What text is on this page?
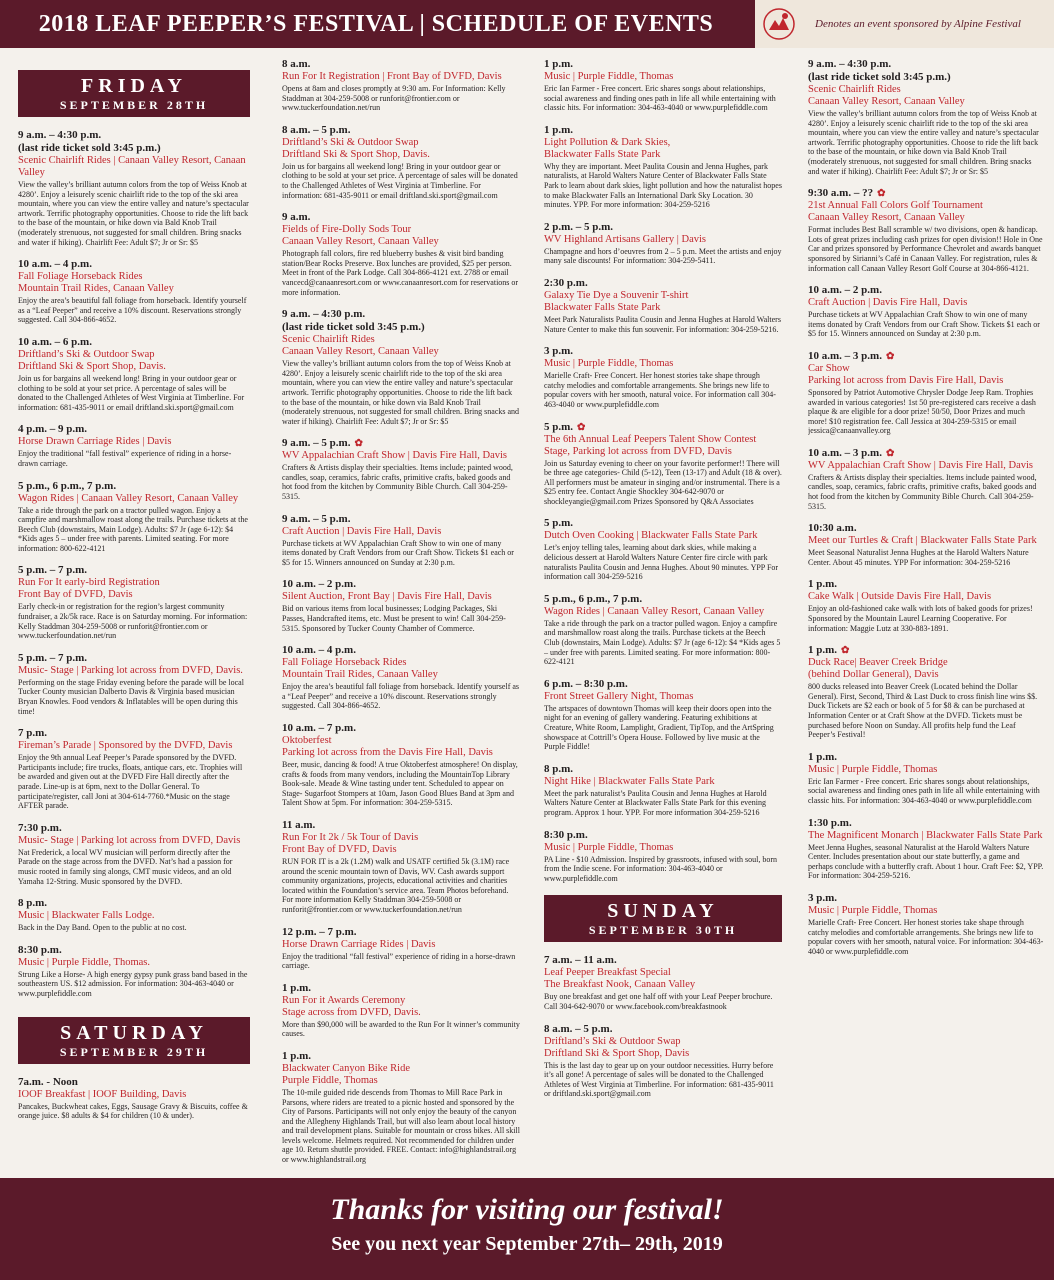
2018 LEAF PEEPER’S FESTIVAL | SCHEDULE OF EVENTS	Denotes an event sponsored by Alpine Festival
FRIDAY
SEPTEMBER 28TH
9 a.m. – 4:30 p.m.
(last ride ticket sold 3:45 p.m.)
Scenic Chairlift Rides | Canaan Valley Resort, Canaan Valley
View the valley’s brilliant autumn colors from the top of Weiss Knob at 4280’. Enjoy a leisurely scenic chairlift ride to the top of the ski area mountain, where you can view the entire valley and nature’s spectacular artwork. Terrific photography opportunities. Choose to ride the lift back to the base of the mountain, or hike down via Bald Knob Trail (moderately strenuous, not suggested for small children. Bring snacks and water if hiking). Chairlift Fee: Adult $7; Jr or Sr: $5
10 a.m. – 4 p.m.
Fall Foliage Horseback Rides
Mountain Trail Rides, Canaan Valley
Enjoy the area’s beautiful fall foliage from horseback. Identify yourself as a “Leaf Peeper” and receive a 10% discount. Reservations strongly suggested. Call 304-866-4652.
10 a.m. – 6 p.m.
Driftland’s Ski & Outdoor Swap
Driftland Ski & Sport Shop, Davis.
Join us for bargains all weekend long! Bring in your outdoor gear or clothing to be sold at your set price. A percentage of sales will be donated to the Challenged Athletes of West Virginia at Timberline. For information: 681-435-9011 or email driftland.ski.sport@gmail.com
4 p.m. – 9 p.m.
Horse Drawn Carriage Rides | Davis
Enjoy the traditional “fall festival” experience of riding in a horse-drawn carriage.
5 p.m., 6 p.m., 7 p.m.
Wagon Rides | Canaan Valley Resort, Canaan Valley
Take a ride through the park on a tractor pulled wagon. Enjoy a campfire and marshmallow roast along the trails. Purchase tickets at the Beech Club (downstairs, Main Lodge). Adults: $7 Jr (age 6-12): $4 *Kids ages 5 – under free with parents. Limited seating. For more information: 800-622-4121
5 p.m. – 7 p.m.
Run For It early-bird Registration
Front Bay of DVFD, Davis
Early check-in or registration for the region’s largest community fundraiser, a 2k/5k race. Race is on Saturday morning. For information: Kelly Staddman 304-259-5008 or runforit@frontier.com or www.tuckerfoundation.net/run
5 p.m. – 7 p.m.
Music- Stage | Parking lot across from DVFD, Davis.
Performing on the stage Friday evening before the parade will be local Tucker County musician Dalberto Davis & Virginia based musician Bryan Knowles. Food vendors & Inflatables will be open during this time!
7 p.m.
Fireman’s Parade | Sponsored by the DVFD, Davis
Enjoy the 9th annual Leaf Peeper’s Parade sponsored by the DVFD. Participants include; fire trucks, floats, antique cars, etc. Trophies will be awarded and given out at the DVFD Fire Hall directly after the parade. Line-up is at 6pm, next to the Dollar General. To participate/register, call Joni at 304-614-7760.*Music on the stage AFTER parade.
7:30 p.m.
Music- Stage | Parking lot across from DVFD, Davis
Nat Frederick, a local WV musician will perform directly after the Parade on the stage across from the DVFD. Nat’s had a passion for music rooted in family sing alongs, CMT music videos, and an old Yamaha 12-String. Music sponsored by the DVFD.
8 p.m.
Music | Blackwater Falls Lodge.
Back in the Day Band. Open to the public at no cost.
8:30 p.m.
Music | Purple Fiddle, Thomas.
Strung Like a Horse- A high energy gypsy punk grass band based in the southeastern US. $12 admission. For information: 304-463-4040 or www.purplefiddle.com
SATURDAY
SEPTEMBER 29TH
7a.m. - Noon
IOOF Breakfast | IOOF Building, Davis
Pancakes, Buckwheat cakes, Eggs, Sausage Gravy & Biscuits, coffee & orange juice. $8 adults & $4 for children (10 & under).
8 a.m.
Run For It Registration | Front Bay of DVFD, Davis
Opens at 8am and closes promptly at 9:30 am. For Information: Kelly Staddman at 304-259-5008 or runforit@frontier.com or www.tuckerfoundation.net/run
8 a.m. – 5 p.m.
Driftland’s Ski & Outdoor Swap
Driftland Ski & Sport Shop, Davis.
Join us for bargains all weekend long! Bring in your outdoor gear or clothing to be sold at your set price. A percentage of sales will be donated to the Challenged Athletes of West Virginia at Timberline. For information: 681-435-9011 or email driftland.ski.sport@gmail.com
9 a.m.
Fields of Fire-Dolly Sods Tour
Canaan Valley Resort, Canaan Valley
Photograph fall colors, fire red blueberry bushes & visit bird banding station/Bear Rocks Preserve. Box lunches are provided, $25 per person. Meet in front of the Park Lodge. Call 304-866-4121 ext. 2788 or email vancecd@canaanresort.com or www.canaanresort.com for reservations or more information.
9 a.m. – 4:30 p.m.
(last ride ticket sold 3:45 p.m.)
Scenic Chairlift Rides
Canaan Valley Resort, Canaan Valley
View the valley’s brilliant autumn colors from the top of Weiss Knob at 4280’. Enjoy a leisurely scenic chairlift ride to the top of the ski area mountain, where you can view the entire valley and nature’s spectacular artwork. Terrific photography opportunities. Choose to ride the lift back to the base of the mountain, or hike down via Bald Knob Trail (moderately strenuous, not suggested for small children. Bring snacks and water if hiking). Chairlift Fee: Adult $7; Jr or Sr: $5
9 a.m. – 5 p.m. ✿
WV Appalachian Craft Show | Davis Fire Hall, Davis
Crafters & Artists display their specialties. Items include; painted wood, candles, soap, ceramics, fabric crafts, primitive crafts, baked goods and hot food from the kitchen by Community Bible Church. Call 304-259-5315.
9 a.m. – 5 p.m.
Craft Auction | Davis Fire Hall, Davis
Purchase tickets at WV Appalachian Craft Show to win one of many items donated by Craft Vendors from our Craft Show. Tickets $1 each or $5 for 15. Winners announced on Sunday at 2:30 p.m.
10 a.m. – 2 p.m.
Silent Auction, Front Bay | Davis Fire Hall, Davis
Bid on various items from local businesses; Lodging Packages, Ski Passes, Handcrafted items, etc. Must be present to win! Call 304-259-5315. Sponsored by Tucker County Chamber of Commerce.
10 a.m. – 4 p.m.
Fall Foliage Horseback Rides
Mountain Trail Rides, Canaan Valley
Enjoy the area’s beautiful fall foliage from horseback. Identify yourself as a “Leaf Peeper” and receive a 10% discount. Reservations strongly suggested. Call 304-866-4652.
10 a.m. – 7 p.m.
Oktoberfest
Parking lot across from the Davis Fire Hall, Davis
Beer, music, dancing & food! A true Oktoberfest atmosphere! On display, crafts & foods from many vendors, including the MountainTop Library Book-sale. Meade & Wine tasting under tent. Scheduled to appear on Stage- Sugarfoot Stompers at 10am, Jason Good Blues Band at 3pm and Talent Show at 5pm. For information: 304-259-5315.
11 a.m.
Run For It 2k / 5k Tour of Davis
Front Bay of DVFD, Davis
RUN FOR IT is a 2k (1.2M) walk and USATF certified 5k (3.1M) race around the scenic mountain town of Davis, WV. Cash awards support community organizations, projects, educational activities and charities located within the Foundation’s service area. Team Photos beforehand. For more information Kelly Staddman 304-259-5008 or runforit@frontier.com or www.tuckerfoundation.net/run
12 p.m. – 7 p.m.
Horse Drawn Carriage Rides | Davis
Enjoy the traditional “fall festival” experience of riding in a horse-drawn carriage.
1 p.m.
Run For it Awards Ceremony
Stage across from DVFD, Davis.
More than $90,000 will be awarded to the Run For It winner’s community causes.
1 p.m.
Blackwater Canyon Bike Ride
Purple Fiddle, Thomas
The 10-mile guided ride descends from Thomas to Mill Race Park in Parsons, where riders are treated to a picnic hosted and sponsored by the City of Parsons. Participants will not only enjoy the beauty of the canyon and the Allegheny Highlands Trail, but will also learn about local history and trail development plans. Suitable for mountain or cross bikes. All skill levels welcome. Helmets required. Not recommended for children under age 10. Return shuttle provided. FREE. Contact: info@highlandstrail.org or www.highlandstrail.org
1 p.m.
Music | Purple Fiddle, Thomas
Eric Ian Farmer - Free concert. Eric shares songs about relationships, social awareness and finding ones path in life all while entertaining with classic hits. For information: 304-463-4040 or www.purplefiddle.com
1 p.m.
Light Pollution & Dark Skies,
Blackwater Falls State Park
Why they are important. Meet Paulita Cousin and Jenna Hughes, park naturalists, at Harold Walters Nature Center of Blackwater Falls State Park to learn about dark skies, light pollution and how the naturalist hopes to make Blackwater Falls an International Dark Sky Location. 30 minutes. YPP. For more information: 304-259-5216
2 p.m. – 5 p.m.
WV Highland Artisans Gallery | Davis
Champagne and hors d’oeuvres from 2 – 5 p.m. Meet the artists and enjoy many sale discounts! For information: 304-259-5411.
2:30 p.m.
Galaxy Tie Dye a Souvenir T-shirt
Blackwater Falls State Park
Meet Park Naturalists Paulita Cousin and Jenna Hughes at Harold Walters Nature Center to make this fun souvenir. For information: 304-259-5216.
3 p.m.
Music | Purple Fiddle, Thomas
Marielle Craft- Free Concert. Her honest stories take shape through catchy melodies and comfortable arrangements. She brings new life to popular covers with her smooth, natural voice. For information call 304-463-4040 or www.purplefiddle.com
5 p.m. ✿
The 6th Annual Leaf Peepers Talent Show Contest
Stage, Parking lot across from DVFD, Davis
Join us Saturday evening to cheer on your favorite performer!! There will be three age categories- Child (5-12), Teen (13-17) and Adult (18 & over). All performers must be amateur in singing and/or instrumental. There is a $25 entry fee. Contact Angie Shockley 304-642-9070 or shockleyangie@gmail.com Prizes Sponsored by Q&A Associates
5 p.m.
Dutch Oven Cooking | Blackwater Falls State Park
Let’s enjoy telling tales, learning about dark skies, while making a delicious dessert at Harold Walters Nature Center fire circle with park naturalists Paulita Cousin and Jenna Hughes. About 90 minutes. YPP For information call 304-259-5216
5 p.m., 6 p.m., 7 p.m.
Wagon Rides | Canaan Valley Resort, Canaan Valley
Take a ride through the park on a tractor pulled wagon. Enjoy a campfire and marshmallow roast along the trails. Purchase tickets at the Beech Club (downstairs, Main Lodge). Adults: $7 Jr (age 6-12): $4 *Kids ages 5 – under free with parents. Limited seating. For more information: 800-622-4121
6 p.m. – 8:30 p.m.
Front Street Gallery Night, Thomas
The artspaces of downtown Thomas will keep their doors open into the night for an evening of gallery wandering. Featuring exhibitions at Creature, White Room, Lamplight, Gradient, TipTop, and the ArtSpring showspace at Cottrill’s Opera House. Followed by live music at the Purple Fiddle!
8 p.m.
Night Hike | Blackwater Falls State Park
Meet the park naturalist’s Paulita Cousin and Jenna Hughes at Harold Walters Nature Center at Blackwater Falls State Park for this evening program. Approx 1 hour. YPP. For more information 304-259-5216
8:30 p.m.
Music | Purple Fiddle, Thomas
PA Line - $10 Admission. Inspired by grassroots, infused with soul, born from the Indie scene. For information: 304-463-4040 or www.purplefiddle.com
SUNDAY
SEPTEMBER 30TH
7 a.m. – 11 a.m.
Leaf Peeper Breakfast Special
The Breakfast Nook, Canaan Valley
Buy one breakfast and get one half off with your Leaf Peeper brochure. Call 304-642-9070 or www.facebook.com/breakfastnook
8 a.m. – 5 p.m.
Driftland’s Ski & Outdoor Swap
Driftland Ski & Sport Shop, Davis
This is the last day to gear up on your outdoor necessities. Hurry before it’s all gone! A percentage of sales will be donated to the Challenged Athletes of West Virginia at Timberline. For information: 681-435-9011 or driftland.ski.sport@gmail.com
9 a.m. – 4:30 p.m.
(last ride ticket sold 3:45 p.m.)
Scenic Chairlift Rides
Canaan Valley Resort, Canaan Valley
View the valley’s brilliant autumn colors from the top of Weiss Knob at 4280’. Enjoy a leisurely scenic chairlift ride to the top of the ski area mountain, where you can view the entire valley and nature’s spectacular artwork. Terrific photography opportunities. Choose to ride the lift back to the base of the mountain, or hike down via Bald Knob Trail (moderately strenuous, not suggested for small children. Bring snacks and water if hiking). Chairlift Fee: Adult $7; Jr or Sr: $5
9:30 a.m. – ?? ✿
21st Annual Fall Colors Golf Tournament
Canaan Valley Resort, Canaan Valley
Format includes Best Ball scramble w/ two divisions, open & handicap. Lots of great prizes including cash prizes for open division!! Hole in One Car and prizes sponsored by Performance Chevrolet and awards banquet sponsored by Sirianni’s Café in Canaan Valley. For registration, rules & information call Canaan Valley Resort Golf Course at 304-866-4121.
10 a.m. – 2 p.m.
Craft Auction | Davis Fire Hall, Davis
Purchase tickets at WV Appalachian Craft Show to win one of many items donated by Craft Vendors from our Craft Show. Tickets $1 each or $5 for 15. Winners announced on Sunday at 2:30 p.m.
10 a.m. – 3 p.m. ✿
Car Show
Parking lot across from Davis Fire Hall, Davis
Sponsored by Patriot Automotive Chrysler Dodge Jeep Ram. Trophies awarded in various categories! 1st 50 pre-registered cars receive a dash plaque & are eligible for a door prize! 50/50, Door Prizes and much more! $10 registration fee. Call Jessica at 304-259-5315 or email jessica@canaanvalley.org
10 a.m. – 3 p.m. ✿
WV Appalachian Craft Show | Davis Fire Hall, Davis
Crafters & Artists display their specialties. Items include painted wood, candles, soap, ceramics, fabric crafts, primitive crafts, baked goods and hot food from the kitchen by Community Bible Church. Call 304-259-5315.
10:30 a.m.
Meet our Turtles & Craft | Blackwater Falls State Park
Meet Seasonal Naturalist Jenna Hughes at the Harold Walters Nature Center. About 45 minutes. YPP For information: 304-259-5216
1 p.m.
Cake Walk | Outside Davis Fire Hall, Davis
Enjoy an old-fashioned cake walk with lots of baked goods for prizes! Sponsored by the Mountain Laurel Learning Cooperative. For information: Maggie Lutz at 330-883-1891.
1 p.m. ✿
Duck Race| Beaver Creek Bridge
(behind Dollar General), Davis
800 ducks released into Beaver Creek (Located behind the Dollar General). First, Second, Third & Last Duck to cross finish line wins $$. Duck Tickets are $2 each or book of 5 for $8 & can be purchased at Information Center or at Craft Show at the DVFD. Tickets must be purchased before Noon on Sunday. All profits help fund the Leaf Peeper’s Festival!
1 p.m.
Music | Purple Fiddle, Thomas
Eric Ian Farmer - Free concert. Eric shares songs about relationships, social awareness and finding ones path in life all while entertaining with classic hits. For information: 304-463-4040 or www.purplefiddle.com
1:30 p.m.
The Magnificent Monarch | Blackwater Falls State Park
Meet Jenna Hughes, seasonal Naturalist at the Harold Walters Nature Center. Includes presentation about our state butterfly, a game and perhaps conclude with a butterfly craft. About 1 hour. Craft Fee: $2, YPP. For information: 304-259-5216.
3 p.m.
Music | Purple Fiddle, Thomas
Marielle Craft- Free Concert. Her honest stories take shape through catchy melodies and comfortable arrangements. She brings new life to popular covers with her smooth, natural voice. For information: 304-463-4040 or www.purplefiddle.com
Thanks for visiting our festival!
See you next year September 27th– 29th, 2019
